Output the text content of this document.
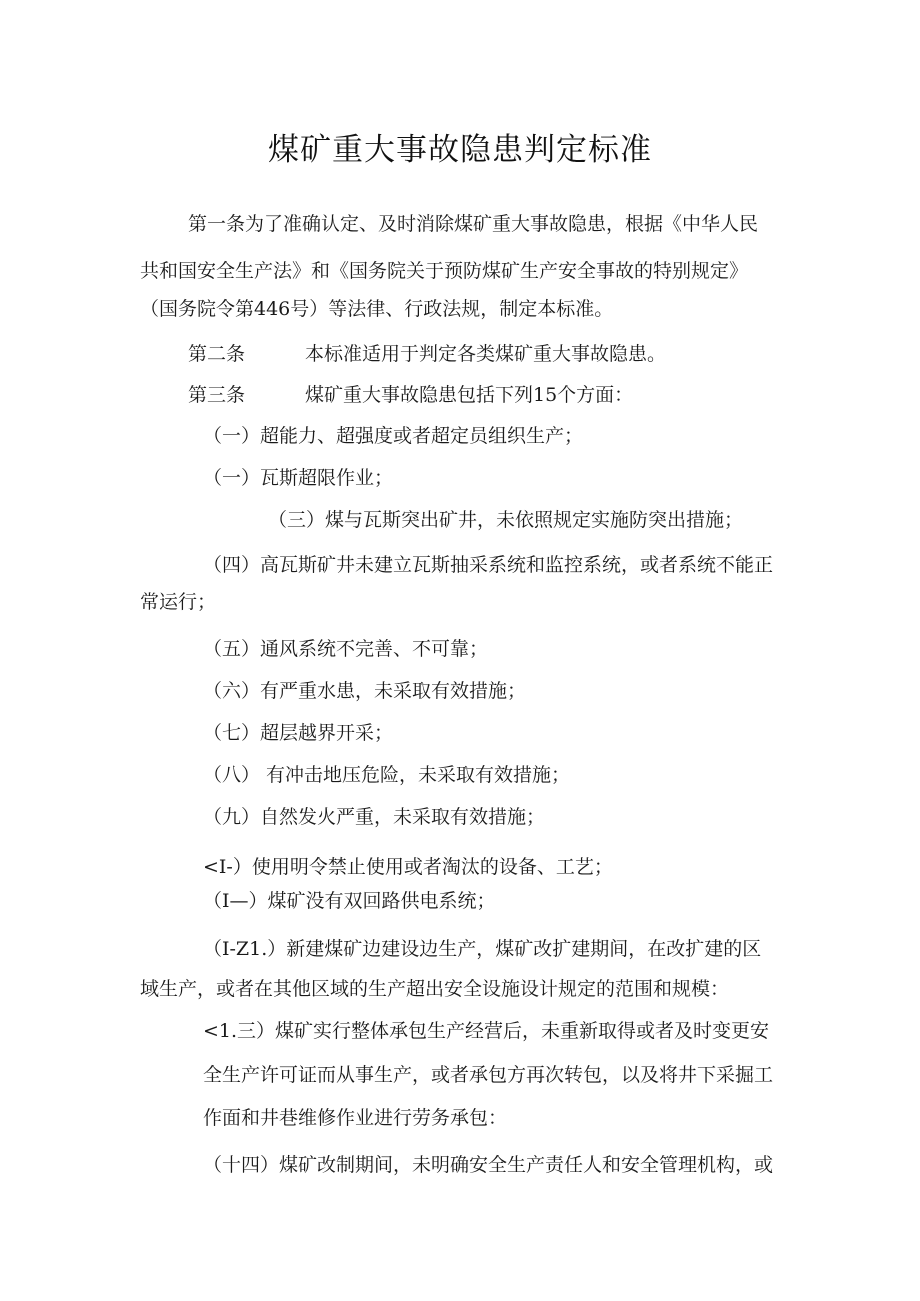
煤矿重大事故隐患判定标准
第一条为了准确认定、及时消除煤矿重大事故隐患，根据《中华人民
共和国安全生产法》和《国务院关于预防煤矿生产安全事故的特别规定》
（国务院令第446号）等法律、行政法规，制定本标准。
第二条	本标准适用于判定各类煤矿重大事故隐患。
第三条	煤矿重大事故隐患包括下列15个方面：
（一）超能力、超强度或者超定员组织生产；
（一）瓦斯超限作业；
（三）煤与瓦斯突出矿井，未依照规定实施防突出措施；
（四）高瓦斯矿井未建立瓦斯抽采系统和监控系统，或者系统不能正
常运行；
（五）通风系统不完善、不可靠；
（六）有严重水患，未采取有效措施；
（七）超层越界开采；
（八） 有冲击地压危险，未采取有效措施；
（九）自然发火严重，未采取有效措施；
<I-）使用明令禁止使用或者淘汰的设备、工艺；
（I—）煤矿没有双回路供电系统；
（I-Z1.）新建煤矿边建设边生产，煤矿改扩建期间，在改扩建的区
域生产，或者在其他区域的生产超出安全设施设计规定的范围和规模：
<1.三）煤矿实行整体承包生产经营后，未重新取得或者及时变更安
全生产许可证而从事生产，或者承包方再次转包，以及将井下采掘工
作面和井巷维修作业进行劳务承包：
（十四）煤矿改制期间，未明确安全生产责任人和安全管理机构，或
